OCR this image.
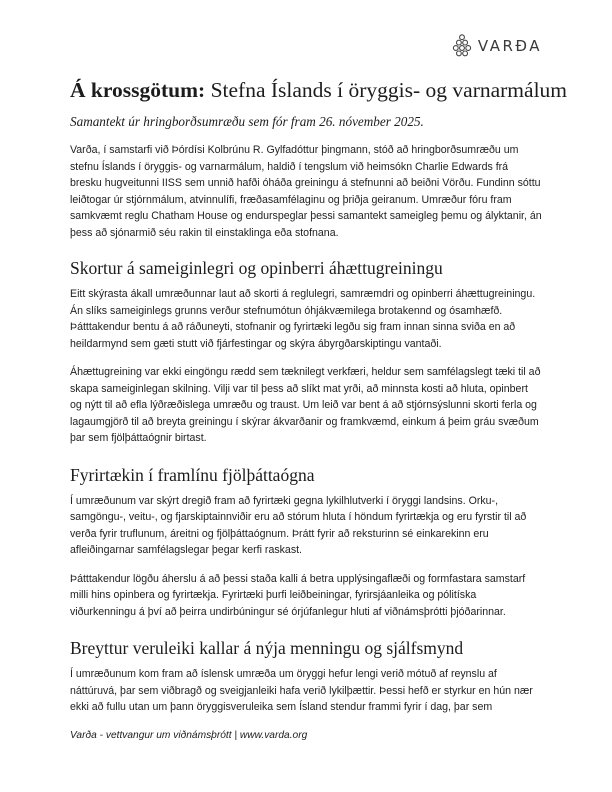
VARÐA
Á krossgötum: Stefna Íslands í öryggis- og varnarmálum
Samantekt úr hringborðsumræðu sem fór fram 26. nóvember 2025.

Varða, í samstarfi við Þórdísi Kolbrúnu R. Gylfadóttur þingmann, stóð að hringborðsumræðu um stefnu Íslands í öryggis- og varnarmálum, haldið í tengslum við heimsókn Charlie Edwards frá bresku hugveitunni IISS sem unnið hafði óháða greiningu á stefnunni að beiðni Vörðu. Fundinn sóttu leiðtogar úr stjórnmálum, atvinnulífi, fræðasamfélaginu og þriðja geiranum. Umræður fóru fram samkvæmt reglu Chatham House og endurspeglar þessi samantekt sameigleg þemu og ályktanir, án þess að sjónarmið séu rakin til einstaklinga eða stofnana.

Skortur á sameiginlegri og opinberri áhættugreiningu

Eitt skýrasta ákall umræðunnar laut að skorti á reglulegri, samræmdri og opinberri áhættugreiningu. Án slíks sameiginlegs grunns verður stefnumótun óhjákvæmilega brotakennd og ósamhæfð. Þátttakendur bentu á að ráðuneyti, stofnanir og fyrirtæki legðu sig fram innan sinna sviða en að heildarmynd sem gæti stutt við fjárfestingar og skýra ábyrgðarskiptingu vantaði.

Áhættugreining var ekki eingöngu rædd sem tæknilegt verkfæri, heldur sem samfélagslegt tæki til að skapa sameiginlegan skilning. Vilji var til þess að slíkt mat yrði, að minnsta kosti að hluta, opinbert og nýtt til að efla lýðræðislega umræðu og traust. Um leið var bent á að stjórnsýslunni skorti ferla og lagaumgjörð til að breyta greiningu í skýrar ákvarðanir og framkvæmd, einkum á þeim gráu svæðum þar sem fjölþáttaógnir birtast.

Fyrirtækin í framlínu fjölþáttaógna

Í umræðunum var skýrt dregið fram að fyrirtæki gegna lykilhlutverki í öryggi landsins. Orku-, samgöngu-, veitu-, og fjarskiptainnviðir eru að stórum hluta í höndum fyrirtækja og eru fyrstir til að verða fyrir truflunum, áreitni og fjölþáttaógnum. Þrátt fyrir að reksturinn sé einkarekinn eru afleiðingarnar samfélagslegar þegar kerfi raskast.

Þátttakendur lögðu áherslu á að þessi staða kalli á betra upplýsingaflæði og formfastara samstarf milli hins opinbera og fyrirtækja. Fyrirtæki þurfi leiðbeiningar, fyrirsjáanleika og pólitíska viðurkenningu á því að þeirra undirbúningur sé órjúfanlegur hluti af viðnámsþrótti þjóðarinnar.

Breyttur veruleiki kallar á nýja menningu og sjálfsmynd

Í umræðunum kom fram að íslensk umræða um öryggi hefur lengi verið mótuð af reynslu af náttúruvá, þar sem viðbragð og sveigjanleiki hafa verið lykilþættir. Þessi hefð er styrkur en hún nær ekki að fullu utan um þann öryggisveruleika sem Ísland stendur frammi fyrir í dag, þar sem

Varða - vettvangur um viðnámsþrótt | www.varda.org
